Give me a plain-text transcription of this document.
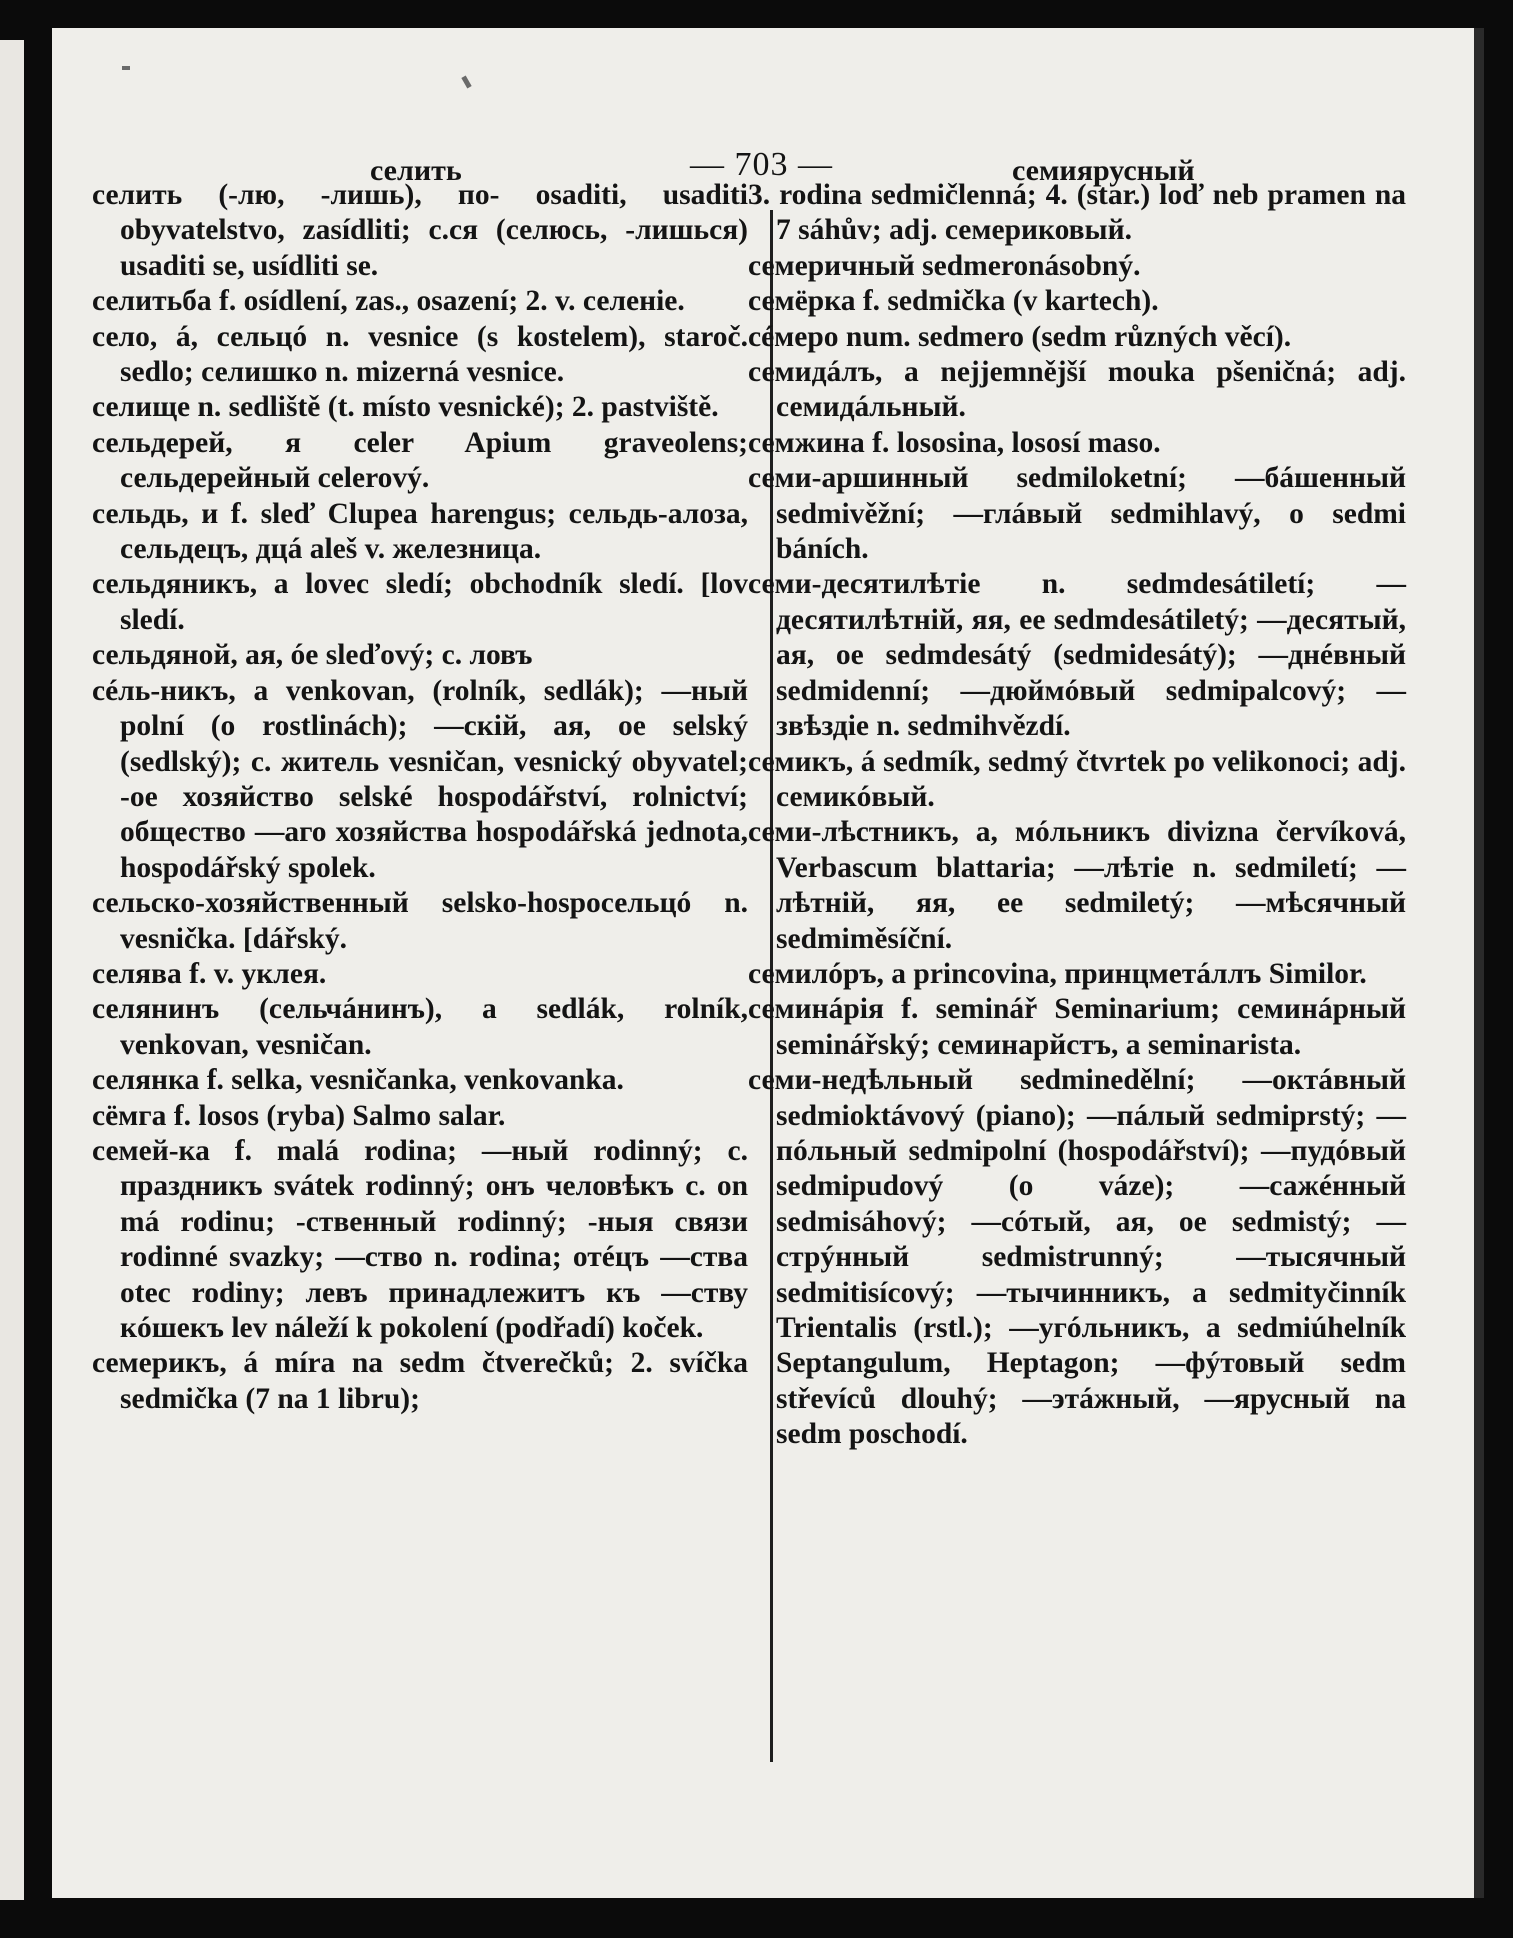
селить	— 703 —	семиярусный

селить (-лю, -лишь), по- osaditi, usaditi obyvatelstvo, zasídliti; c.ся (селюсь, -лишься) usaditi se, usídliti se.

селитьба f. osídlení, zas., osazení; 2. v. селеніе.

село, á, сельцó n. vesnice (s kostelem), staroč. sedlo; селишко n. mizerná vesnice.

селище n. sedliště (t. místo vesnické); 2. pastviště.

сельдерей, я celer Apium graveolens; сельдерейный celerový.

сельдь, и f. sleď Clupea harengus; сельдь-алоза, сельдецъ, дцá aleš v. железница.

сельдяникъ, a lovec sledí; obchodník sledí. [lov sledí.

сельдяной, ая, óе sleďový; c. ловъ

сéль-никъ, a venkovan, (rolník, sedlák); —ный polní (o rostlinách); —скій, ая, ое selský (sedlský); c. житель vesničan, vesnický obyvatel; -ое хозяйство selské hospodářství, rolnictví; общество —аго хозяйства hospodářská jednota, hospodářský spolek.

сельско-хозяйственный selsko-hospoсельцó n. vesnička. [dářský.

селява f. v. уклея.

селянинъ (сельчáнинъ), a sedlák, rolník, venkovan, vesničan.

селянка f. selka, vesničanka, venkovanka.

сёмга f. losos (ryba) Salmo salar.

семей-ка f. malá rodina; —ный rodinný; c. праздникъ svátek rodinný; онъ человѣкъ c. on má rodinu; -ственный rodinný; -ныя связи rodinné svazky; —ство n. rodina; отéцъ —ства otec rodiny; левъ принадлежитъ къ —ству кóшекъ lev náleží k pokolení (podřadí) koček.

семерикъ, á míra na sedm čtverečků; 2. svíčka sedmička (7 na 1 libru);

3. rodina sedmičlenná; 4. (star.) loď neb pramen na 7 sáhův; adj. семериковый.

семеричный sedmeronásobný.

семёрка f. sedmička (v kartech).

сéмеро num. sedmero (sedm různých věcí).

семидáлъ, a nejjemnější mouka pšeničná; adj. семидáльный.

семжина f. lososina, lososí maso.

семи-аршинный sedmiloketní; —бáшенный sedmivěžní; —глáвый sedmihlavý, o sedmi báních.

семи-десятилѣтіе n. sedmdesátiletí; —десятилѣтній, яя, ее sedmdesátiletý; —десятый, ая, ое sedmdesátý (sedmidesátý); —днéвный sedmidenní; —дюймóвый sedmipalcový; —звѣздіе n. sedmihvězdí.

семикъ, á sedmík, sedmý čtvrtek po velikonoci; adj. семикóвый.

семи-лѣстникъ, a, мóльникъ divizna červíková, Verbascum blattaria; —лѣтіе n. sedmiletí; —лѣтній, яя, ее sedmiletý; —мѣсячный sedmiměsíční.

семилóръ, a princovina, принцметáллъ Similor.

семинáрія f. seminář Seminarium; семинáрный seminářský; семинарйстъ, a seminarista.

семи-недѣльный sedminedělní; —октáвный sedmioktávový (piano); —пáлый sedmiprstý; —пóльный sedmipolní (hospodářství); —пудóвый sedmipudový (o váze); —сажéнный sedmisáhový; —сóтый, ая, ое sedmistý; —стрýнный sedmistrunný; —тысячный sedmitisícový; —тычинникъ, a sedmityčinník Trientalis (rstl.); —угóльникъ, a sedmiúhelník Septangulum, Heptagon; —фýтовый sedm střevíců dlouhý; —этáжный, —ярусный na sedm poschodí.
